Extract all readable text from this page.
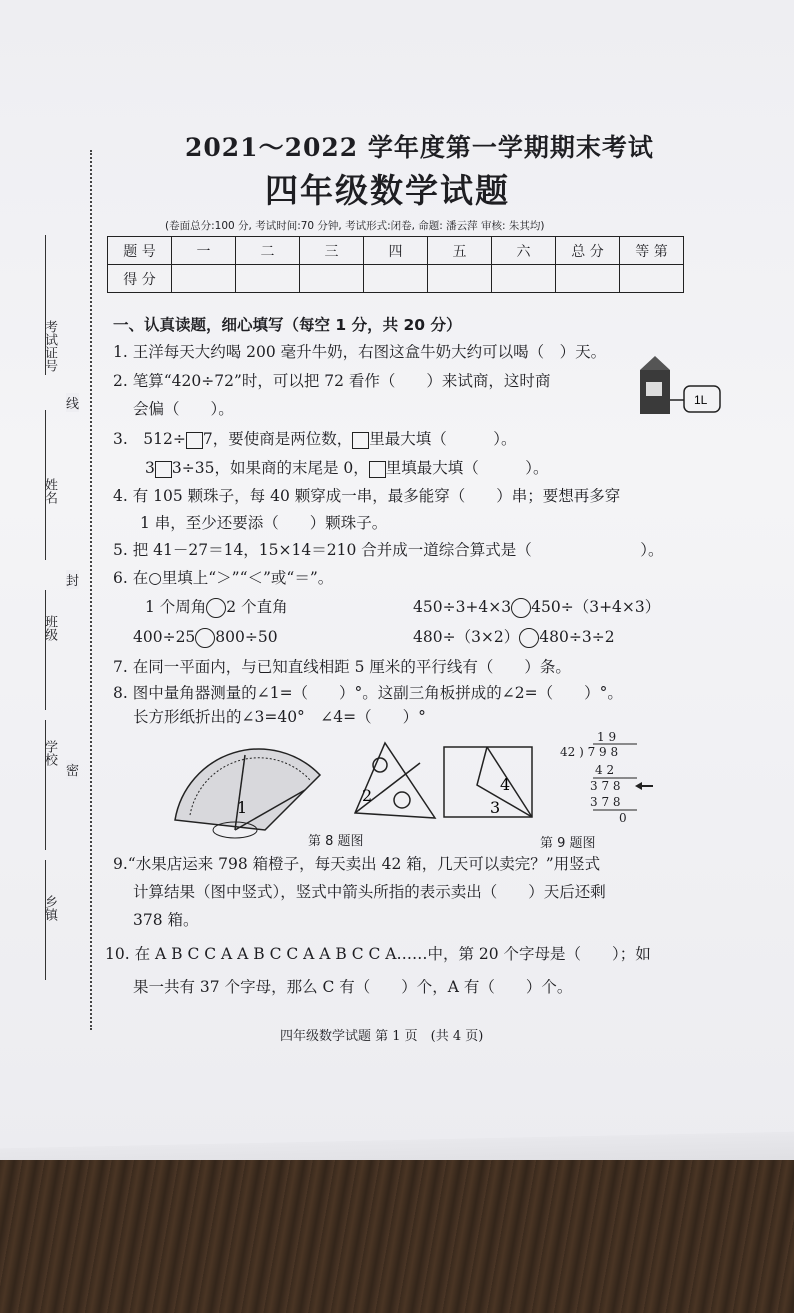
考试证号
姓名
班级
学校
乡镇
线
封
密
2021～2022 学年度第一学期期末考试
四年级数学试题
(卷面总分:100 分, 考试时间:70 分钟, 考试形式:闭卷, 命题: 潘云萍 审核: 朱其均)
题 号	一	二	三	四	五	六	总 分	等 第
得 分								
一、认真读题，细心填写（每空 1 分，共 20 分）
1. 王洋每天大约喝 200 毫升牛奶，右图这盒牛奶大约可以喝（　）天。
2. 笔算“420÷72”时，可以把 72 看作（　　）来试商，这时商
会偏（　　）。
3.　512÷ 7，要使商是两位数， 里最大填（　　　）。
3 3÷35，如果商的末尾是 0， 里填最大填（　　　）。
4. 有 105 颗珠子，每 40 颗穿成一串，最多能穿（　　）串；要想再多穿
1 串，至少还要添（　　）颗珠子。
5. 把 41－27＝14，15×14＝210 合并成一道综合算式是（　　　　　　　）。
6. 在○里填上“＞”“＜”或“＝”。
1 个周角 2 个直角	450÷3+4×3 450÷（3+4×3）
400÷25 800÷50	480÷（3×2） 480÷3÷2
7. 在同一平面内，与已知直线相距 5 厘米的平行线有（　　）条。
8. 图中量角器测量的∠1=（　　）°。这副三角板拼成的∠2=（　　）°。
长方形纸折出的∠3=40°　∠4=（　　）°
1L
1
2
4
3
1 9
42 ) 7 9 8
4 2
3 7 8
3 7 8
0
第 8 题图	第 9 题图
9.“水果店运来 798 箱橙子，每天卖出 42 箱，几天可以卖完？”用竖式
计算结果（图中竖式），竖式中箭头所指的表示卖出（　　）天后还剩
378 箱。
10. 在 A B C C A A B C C A A B C C A……中，第 20 个字母是（　　）；如
果一共有 37 个字母，那么 C 有（　　）个，A 有（　　）个。
四年级数学试题 第 1 页　(共 4 页)
